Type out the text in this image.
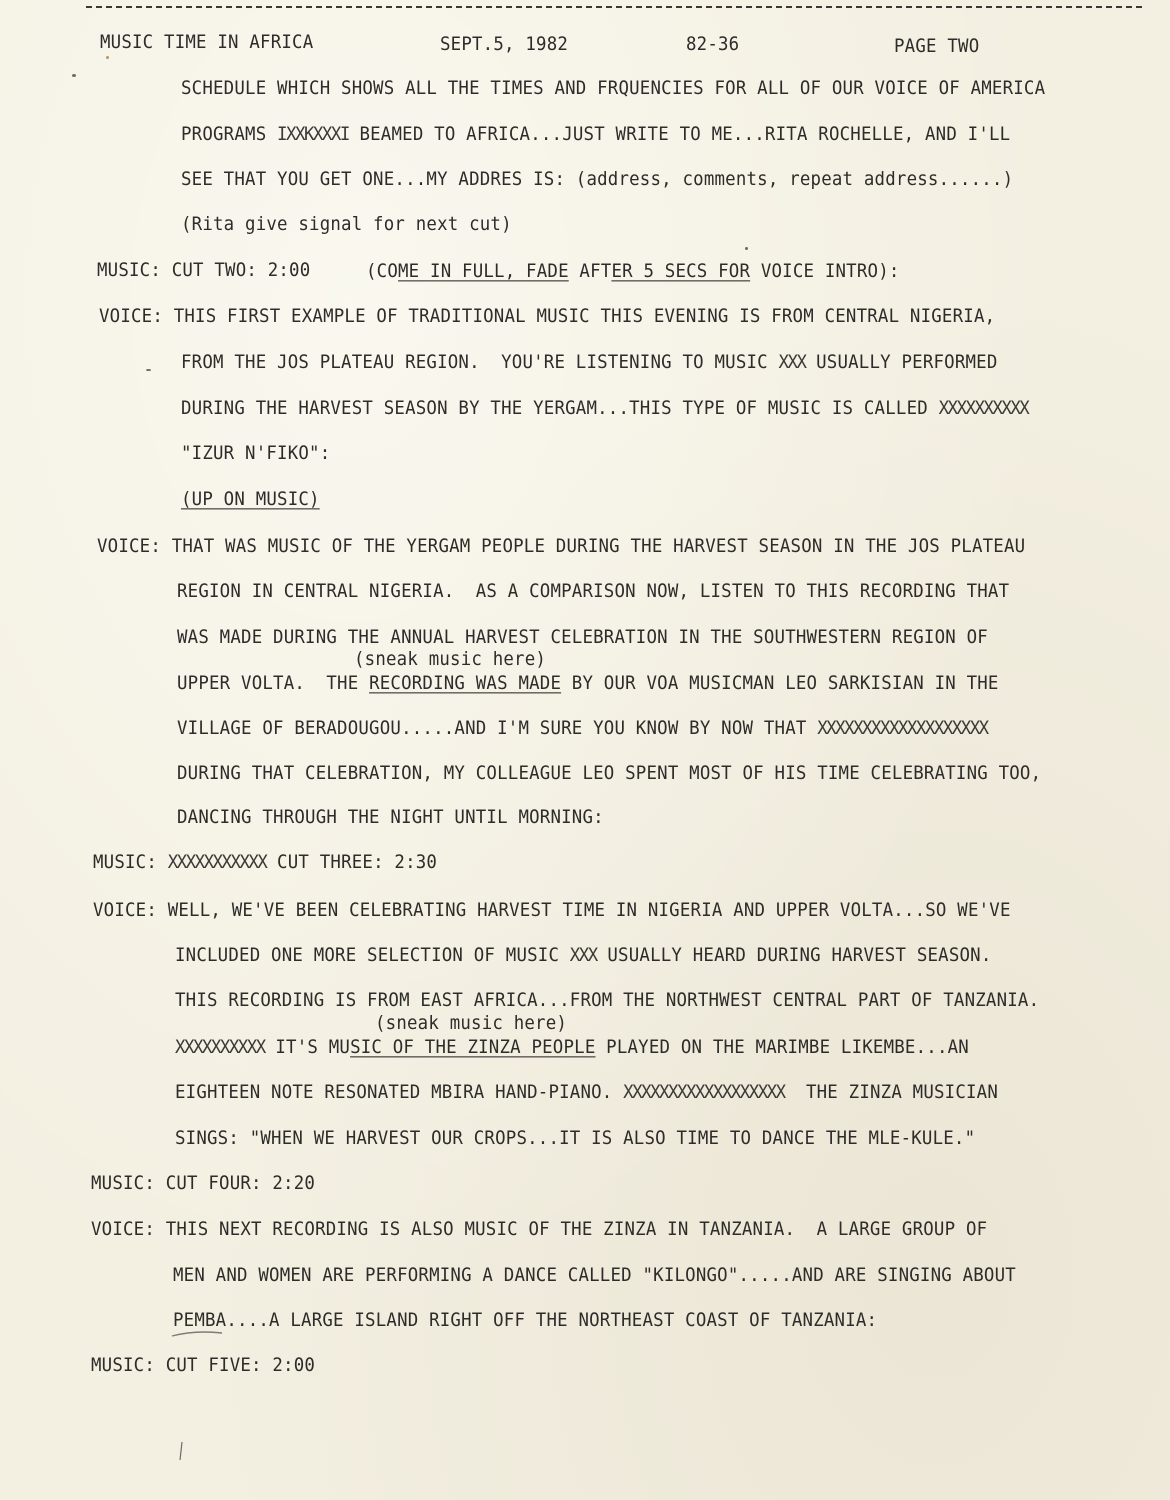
MUSIC TIME IN AFRICA	SEPT.5, 1982	82-36	PAGE TWO
SCHEDULE WHICH SHOWS ALL THE TIMES AND FRQUENCIES FOR ALL OF OUR VOICE OF AMERICA
PROGRAMS IXXKXXXI BEAMED TO AFRICA...JUST WRITE TO ME...RITA ROCHELLE, AND I'LL
SEE THAT YOU GET ONE...MY ADDRES IS: (address, comments, repeat address......)
(Rita give signal for next cut)
MUSIC: CUT TWO: 2:00	(COME IN FULL, FADE AFTER 5 SECS FOR VOICE INTRO):
VOICE: THIS FIRST EXAMPLE OF TRADITIONAL MUSIC THIS EVENING IS FROM CENTRAL NIGERIA,
FROM THE JOS PLATEAU REGION.  YOU'RE LISTENING TO MUSIC XXX USUALLY PERFORMED
DURING THE HARVEST SEASON BY THE YERGAM...THIS TYPE OF MUSIC IS CALLED XXXXXXXXXX
"IZUR N'FIKO":
(UP ON MUSIC)
VOICE: THAT WAS MUSIC OF THE YERGAM PEOPLE DURING THE HARVEST SEASON IN THE JOS PLATEAU
REGION IN CENTRAL NIGERIA.  AS A COMPARISON NOW, LISTEN TO THIS RECORDING THAT
WAS MADE DURING THE ANNUAL HARVEST CELEBRATION IN THE SOUTHWESTERN REGION OF
(sneak music here)
UPPER VOLTA.  THE RECORDING WAS MADE BY OUR VOA MUSICMAN LEO SARKISIAN IN THE
VILLAGE OF BERADOUGOU.....AND I'M SURE YOU KNOW BY NOW THAT XXXXXXXXXXXXXXXXXXX
DURING THAT CELEBRATION, MY COLLEAGUE LEO SPENT MOST OF HIS TIME CELEBRATING TOO,
DANCING THROUGH THE NIGHT UNTIL MORNING:
MUSIC: XXXXXXXXXXX CUT THREE: 2:30
VOICE: WELL, WE'VE BEEN CELEBRATING HARVEST TIME IN NIGERIA AND UPPER VOLTA...SO WE'VE
INCLUDED ONE MORE SELECTION OF MUSIC XXX USUALLY HEARD DURING HARVEST SEASON.
THIS RECORDING IS FROM EAST AFRICA...FROM THE NORTHWEST CENTRAL PART OF TANZANIA.
(sneak music here)
XXXXXXXXXX IT'S MUSIC OF THE ZINZA PEOPLE PLAYED ON THE MARIMBE LIKEMBE...AN
EIGHTEEN NOTE RESONATED MBIRA HAND-PIANO. XXXXXXXXXXXXXXXXXX  THE ZINZA MUSICIAN
SINGS: "WHEN WE HARVEST OUR CROPS...IT IS ALSO TIME TO DANCE THE MLE-KULE."
MUSIC: CUT FOUR: 2:20
VOICE: THIS NEXT RECORDING IS ALSO MUSIC OF THE ZINZA IN TANZANIA.  A LARGE GROUP OF
MEN AND WOMEN ARE PERFORMING A DANCE CALLED "KILONGO".....AND ARE SINGING ABOUT
PEMBA....A LARGE ISLAND RIGHT OFF THE NORTHEAST COAST OF TANZANIA:
MUSIC: CUT FIVE: 2:00
